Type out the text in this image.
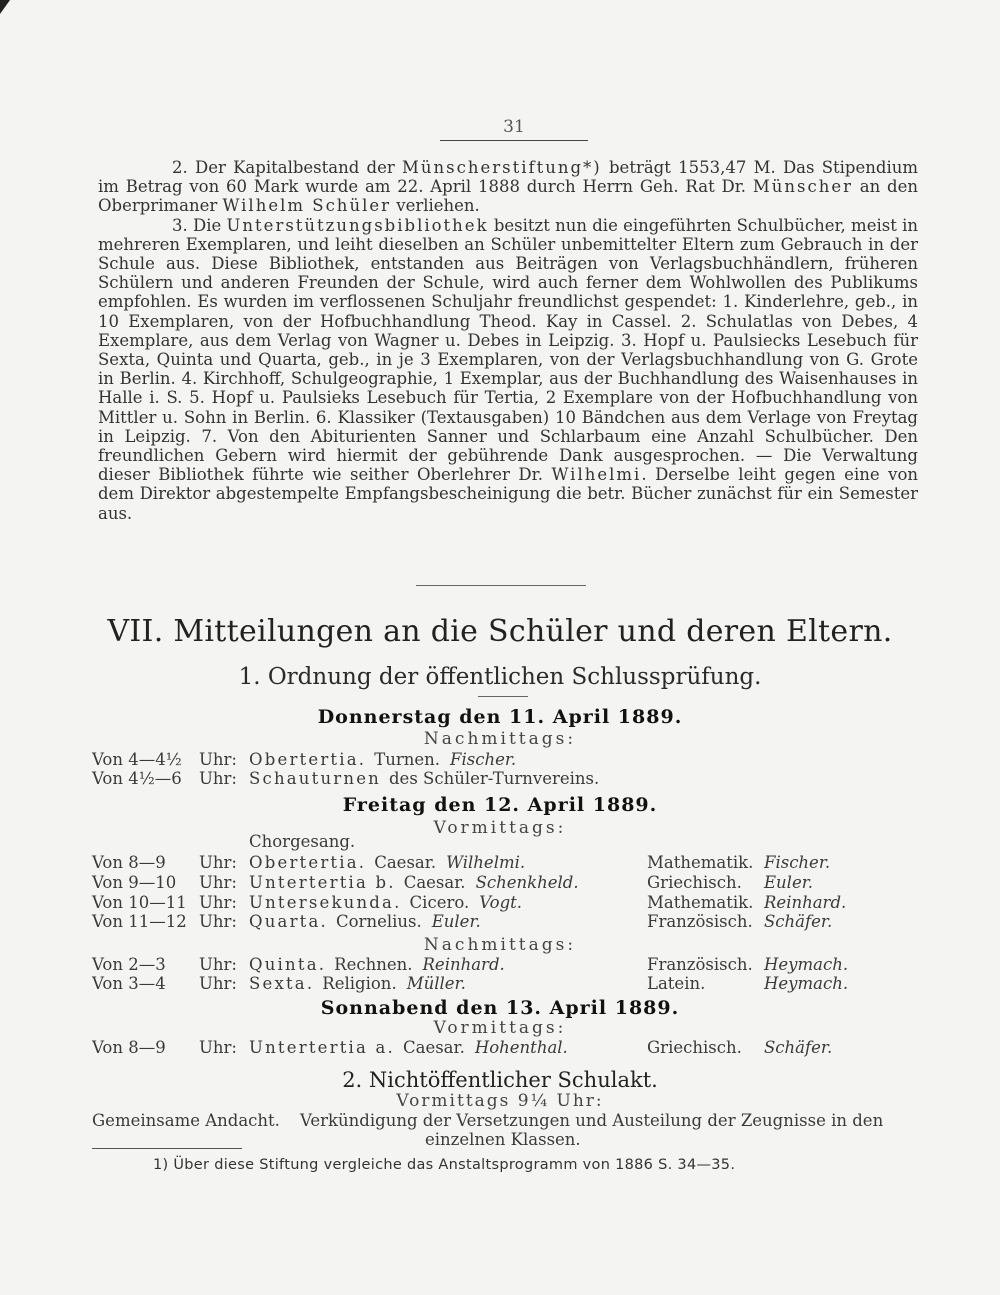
31

2. Der Kapitalbestand der Münscherstiftung*) beträgt 1553,47 M. Das Stipendium im Betrag von 60 Mark wurde am 22. April 1888 durch Herrn Geh. Rat Dr. Münscher an den Oberprimaner Wilhelm Schüler verliehen.

3. Die Unterstützungsbibliothek besitzt nun die eingeführten Schulbücher, meist in mehreren Exemplaren, und leiht dieselben an Schüler unbemittelter Eltern zum Gebrauch in der Schule aus. Diese Bibliothek, entstanden aus Beiträgen von Verlagsbuchhändlern, früheren Schülern und anderen Freunden der Schule, wird auch ferner dem Wohlwollen des Publikums empfohlen. Es wurden im verflossenen Schuljahr freundlichst gespendet: 1. Kinderlehre, geb., in 10 Exemplaren, von der Hofbuchhandlung Theod. Kay in Cassel. 2. Schulatlas von Debes, 4 Exemplare, aus dem Verlag von Wagner u. Debes in Leipzig. 3. Hopf u. Paulsiecks Lesebuch für Sexta, Quinta und Quarta, geb., in je 3 Exemplaren, von der Verlagsbuchhandlung von G. Grote in Berlin. 4. Kirchhoff, Schulgeographie, 1 Exemplar, aus der Buchhandlung des Waisenhauses in Halle i. S. 5. Hopf u. Paulsieks Lesebuch für Tertia, 2 Exemplare von der Hofbuchhandlung von Mittler u. Sohn in Berlin. 6. Klassiker (Textausgaben) 10 Bändchen aus dem Verlage von Freytag in Leipzig. 7. Von den Abiturienten Sanner und Schlarbaum eine Anzahl Schulbücher. Den freundlichen Gebern wird hiermit der gebührende Dank ausgesprochen. — Die Verwaltung dieser Bibliothek führte wie seither Oberlehrer Dr. Wilhelmi. Derselbe leiht gegen eine von dem Direktor abgestempelte Empfangsbescheinigung die betr. Bücher zunächst für ein Semester aus.

VII. Mitteilungen an die Schüler und deren Eltern.
1. Ordnung der öffentlichen Schlussprüfung.
Donnerstag den 11. April 1889.
Nachmittags:
Von 4—4½ Uhr: Obertertia. Turnen. Fischer.
Von 4½—6 Uhr: Schauturnen des Schüler-Turnvereins.
Freitag den 12. April 1889.
Vormittags:
Chorgesang.
Von 8—9 Uhr: Obertertia. Caesar. Wilhelmi.	Mathematik. Fischer.
Von 9—10 Uhr: Untertertia b. Caesar. Schenkheld.	Griechisch. Euler.
Von 10—11 Uhr: Untersekunda. Cicero. Vogt.	Mathematik. Reinhard.
Von 11—12 Uhr: Quarta. Cornelius. Euler.	Französisch. Schäfer.
Nachmittags:
Von 2—3 Uhr: Quinta. Rechnen. Reinhard.	Französisch. Heymach.
Von 3—4 Uhr: Sexta. Religion. Müller.	Latein.	Heymach.
Sonnabend den 13. April 1889.
Vormittags:
Von 8—9 Uhr: Untertertia a. Caesar. Hohenthal.	Griechisch. Schäfer.
2. Nichtöffentlicher Schulakt.
Vormittags 9¼ Uhr:
Gemeinsame Andacht. Verkündigung der Versetzungen und Austeilung der Zeugnisse in den
einzelnen Klassen.
1) Über diese Stiftung vergleiche das Anstaltsprogramm von 1886 S. 34—35.
